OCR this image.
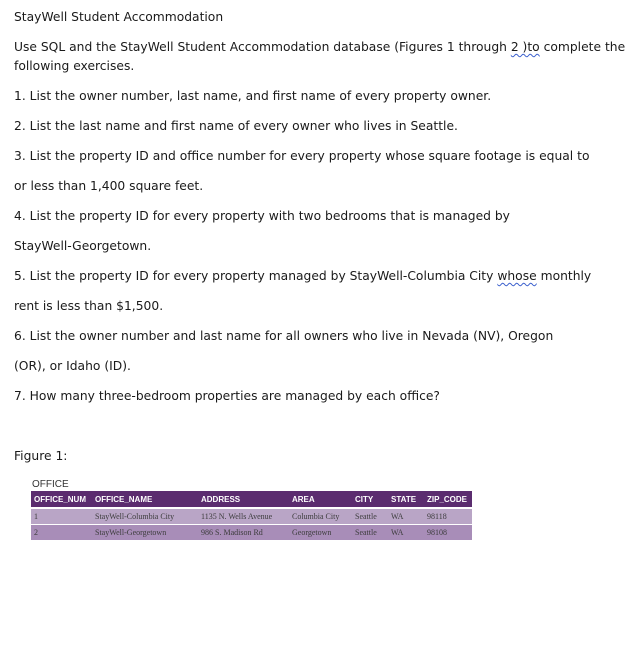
StayWell Student Accommodation
Use SQL and the StayWell Student Accommodation database (Figures 1 through 2 )to complete the
following exercises.
1. List the owner number, last name, and first name of every property owner.
2. List the last name and first name of every owner who lives in Seattle.
3. List the property ID and office number for every property whose square footage is equal to
or less than 1,400 square feet.
4. List the property ID for every property with two bedrooms that is managed by
StayWell-Georgetown.
5. List the property ID for every property managed by StayWell-Columbia City whose monthly
rent is less than $1,500.
6. List the owner number and last name for all owners who live in Nevada (NV), Oregon
(OR), or Idaho (ID).
7. How many three-bedroom properties are managed by each office?
Figure 1:
OFFICE
OFFICE_NUM	OFFICE_NAME	ADDRESS	AREA	CITY	STATE	ZIP_CODE
1	StayWell-Columbia City	1135 N. Wells Avenue	Columbia City	Seattle	WA	98118
2	StayWell-Georgetown	986 S. Madison Rd	Georgetown	Seattle	WA	98108
